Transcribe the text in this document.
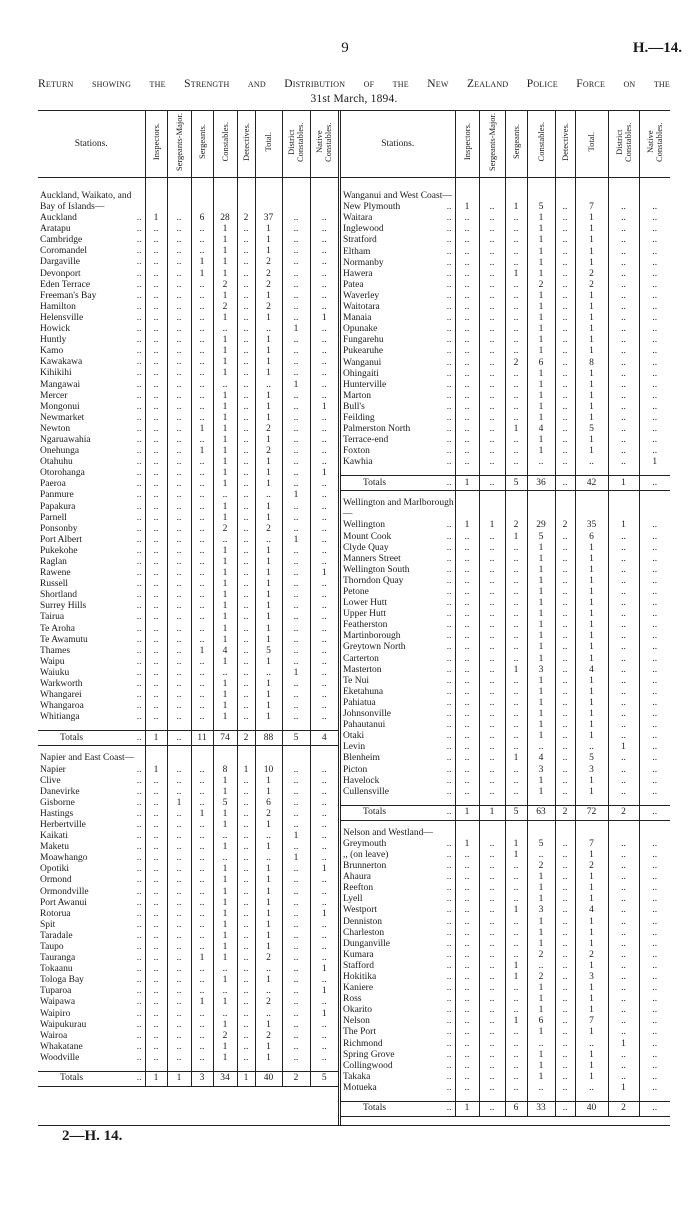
9	H.—14.
Return showing the Strength and Distribution of the New Zealand Police Force on the
31st March, 1894.
Stations.	Inspectors.	Sergeants-Major.	Sergeants.	Constables.	Detectives.	Total.	District Constables.	Native Constables.

Auckland, Waikato, and Bay of Islands—								

Auckland ..	1	..	6	28	2	37	..	..

Aratapu ..	..	..	..	1	..	1	..	..

Cambridge ..	..	..	..	1	..	1	..	..

Coromandel ..	..	..	..	1	..	1	..	..

Dargaville ..	..	..	1	1	..	2	..	..

Devonport ..	..	..	1	1	..	2	..	..

Eden Terrace ..	..	..	..	2	..	2	..	..

Freeman's Bay ..	..	..	..	1	..	1	..	..

Hamilton ..	..	..	..	2	..	2	..	..

Helensville ..	..	..	..	1	..	1	..	1

Howick ..	..	..	..	..	..	..	1	..

Huntly ..	..	..	..	1	..	1	..	..

Kamo ..	..	..	..	1	..	1	..	..

Kawakawa ..	..	..	..	1	..	1	..	..

Kihikihi ..	..	..	..	1	..	1	..	..

Mangawai ..	..	..	..	..	..	..	1	..

Mercer ..	..	..	..	1	..	1	..	..

Mongonui ..	..	..	..	1	..	1	..	1

Newmarket ..	..	..	..	1	..	1	..	..

Newton ..	..	..	1	1	..	2	..	..

Ngaruawahia ..	..	..	..	1	..	1	..	..

Onehunga ..	..	..	1	1	..	2	..	..

Otahuhu ..	..	..	..	1	..	1	..	..

Otorohanga ..	..	..	..	1	..	1	..	1

Paeroa ..	..	..	..	1	..	1	..	..

Panmure ..	..	..	..	..	..	..	1	..

Papakura ..	..	..	..	1	..	1	..	..

Parnell ..	..	..	..	1	..	1	..	..

Ponsonby ..	..	..	..	2	..	2	..	..

Port Albert ..	..	..	..	..	..	..	1	..

Pukekohe ..	..	..	..	1	..	1	..	..

Raglan ..	..	..	..	1	..	1	..	..

Rawene ..	..	..	..	1	..	1	..	1

Russell ..	..	..	..	1	..	1	..	..

Shortland ..	..	..	..	1	..	1	..	..

Surrey Hills ..	..	..	..	1	..	1	..	..

Tairua ..	..	..	..	1	..	1	..	..

Te Aroha ..	..	..	..	1	..	1	..	..

Te Awamutu ..	..	..	..	1	..	1	..	..

Thames ..	..	..	1	4	..	5	..	..

Waipu ..	..	..	..	1	..	1	..	..

Waiuku ..	..	..	..	..	..	..	1	..

Warkworth ..	..	..	..	1	..	1	..	..

Whangarei ..	..	..	..	1	..	1	..	..

Whangaroa ..	..	..	..	1	..	1	..	..

Whitianga ..	..	..	..	1	..	1	..	..

Totals ..	1	..	11	74	2	88	5	4

Napier and East Coast—								

Napier ..	1	..	..	8	1	10	..	..

Clive ..	..	..	..	1	..	1	..	..

Danevirke ..	..	..	..	1	..	1	..	..

Gisborne ..	..	1	..	5	..	6	..	..

Hastings ..	..	..	1	1	..	2	..	..

Herbertville ..	..	..	..	1	..	1	..	..

Kaikati ..	..	..	..	..	..	..	1	..

Maketu ..	..	..	..	1	..	1	..	..

Moawhango ..	..	..	..	..	..	..	1	..

Opotiki ..	..	..	..	1	..	1	..	1

Ormond ..	..	..	..	1	..	1	..	..

Ormondville ..	..	..	..	1	..	1	..	..

Port Awanui ..	..	..	..	1	..	1	..	..

Rotorua ..	..	..	..	1	..	1	..	1

Spit ..	..	..	..	1	..	1	..	..

Taradale ..	..	..	..	1	..	1	..	..

Taupo ..	..	..	..	1	..	1	..	..

Tauranga ..	..	..	1	1	..	2	..	..

Tokaanu ..	..	..	..	..	..	..	..	1

Tologa Bay ..	..	..	..	1	..	1	..	..

Tuparoa ..	..	..	..	..	..	..	..	1

Waipawa ..	..	..	1	1	..	2	..	..

Waipiro ..	..	..	..	..	..	..	..	1

Waipukurau ..	..	..	..	1	..	1	..	..

Wairoa ..	..	..	..	2	..	2	..	..

Whakatane ..	..	..	..	1	..	1	..	..

Woodville ..	..	..	..	1	..	1	..	..

Totals ..	1	1	3	34	1	40	2	5
Stations.	Inspectors.	Sergeants-Major.	Sergeants.	Constables.	Detectives.	Total.	District Constables.	Native Constables.

Wanganui and West Coast—								

New Plymouth ..	1	..	1	5	..	7	..	..

Waitara ..	..	..	..	1	..	1	..	..

Inglewood ..	..	..	..	1	..	1	..	..

Stratford ..	..	..	..	1	..	1	..	..

Eltham ..	..	..	..	1	..	1	..	..

Normanby ..	..	..	..	1	..	1	..	..

Hawera ..	..	..	1	1	..	2	..	..

Patea ..	..	..	..	2	..	2	..	..

Waverley ..	..	..	..	1	..	1	..	..

Waitotara ..	..	..	..	1	..	1	..	..

Manaia ..	..	..	..	1	..	1	..	..

Opunake ..	..	..	..	1	..	1	..	..

Fungarehu ..	..	..	..	1	..	1	..	..

Pukearuhe ..	..	..	..	1	..	1	..	..

Wanganui ..	..	..	2	6	..	8	..	..

Ohingaiti ..	..	..	..	1	..	1	..	..

Hunterville ..	..	..	..	1	..	1	..	..

Marton ..	..	..	..	1	..	1	..	..

Bull's ..	..	..	..	1	..	1	..	..

Feilding ..	..	..	..	1	..	1	..	..

Palmerston North ..	..	..	1	4	..	5	..	..

Terrace-end ..	..	..	..	1	..	1	..	..

Foxton ..	..	..	..	1	..	1	..	..

Kawhia ..	..	..	..	..	..	..	..	1

Totals ..	1	..	5	36	..	42	1	..

Wellington and Marlborough—								

Wellington ..	1	1	2	29	2	35	1	..

Mount Cook ..	..	..	1	5	..	6	..	..

Clyde Quay ..	..	..	..	1	..	1	..	..

Manners Street ..	..	..	..	1	..	1	..	..

Wellington South ..	..	..	..	1	..	1	..	..

Thorndon Quay ..	..	..	..	1	..	1	..	..

Petone ..	..	..	..	1	..	1	..	..

Lower Hutt ..	..	..	..	1	..	1	..	..

Upper Hutt ..	..	..	..	1	..	1	..	..

Featherston ..	..	..	..	1	..	1	..	..

Martinborough ..	..	..	..	1	..	1	..	..

Greytown North ..	..	..	..	1	..	1	..	..

Carterton ..	..	..	..	1	..	1	..	..

Masterton ..	..	..	1	3	..	4	..	..

Te Nui ..	..	..	..	1	..	1	..	..

Eketahuna ..	..	..	..	1	..	1	..	..

Pahiatua ..	..	..	..	1	..	1	..	..

Johnsonville ..	..	..	..	1	..	1	..	..

Pahautanui ..	..	..	..	1	..	1	..	..

Otaki ..	..	..	..	1	..	1	..	..

Levin ..	..	..	..	..	..	..	1	..

Blenheim ..	..	..	1	4	..	5	..	..

Picton ..	..	..	..	3	..	3	..	..

Havelock ..	..	..	..	1	..	1	..	..

Cullensville ..	..	..	..	1	..	1	..	..

Totals ..	1	1	5	63	2	72	2	..

Nelson and Westland—								

Greymouth ..	1	..	1	5	..	7	..	..

,, (on leave) ..	..	..	1	..	..	1	..	..

Brunnerton ..	..	..	..	2	..	2	..	..

Ahaura ..	..	..	..	1	..	1	..	..

Reefton ..	..	..	..	1	..	1	..	..

Lyell ..	..	..	..	1	..	1	..	..

Westport ..	..	..	1	3	..	4	..	..

Denniston ..	..	..	..	1	..	1	..	..

Charleston ..	..	..	..	1	..	1	..	..

Dunganville ..	..	..	..	1	..	1	..	..

Kumara ..	..	..	..	2	..	2	..	..

Stafford ..	..	..	1	..	..	1	..	..

Hokitika ..	..	..	1	2	..	3	..	..

Kaniere ..	..	..	..	1	..	1	..	..

Ross ..	..	..	..	1	..	1	..	..

Okarito ..	..	..	..	1	..	1	..	..

Nelson ..	..	..	1	6	..	7	..	..

The Port ..	..	..	..	1	..	1	..	..

Richmond ..	..	..	..	..	..	..	1	..

Spring Grove ..	..	..	..	1	..	1	..	..

Collingwood ..	..	..	..	1	..	1	..	..

Takaka ..	..	..	..	1	..	1	..	..

Motueka ..	..	..	..	..	..	..	1	..

Totals ..	1	..	6	33	..	40	2	..
2—H. 14.
